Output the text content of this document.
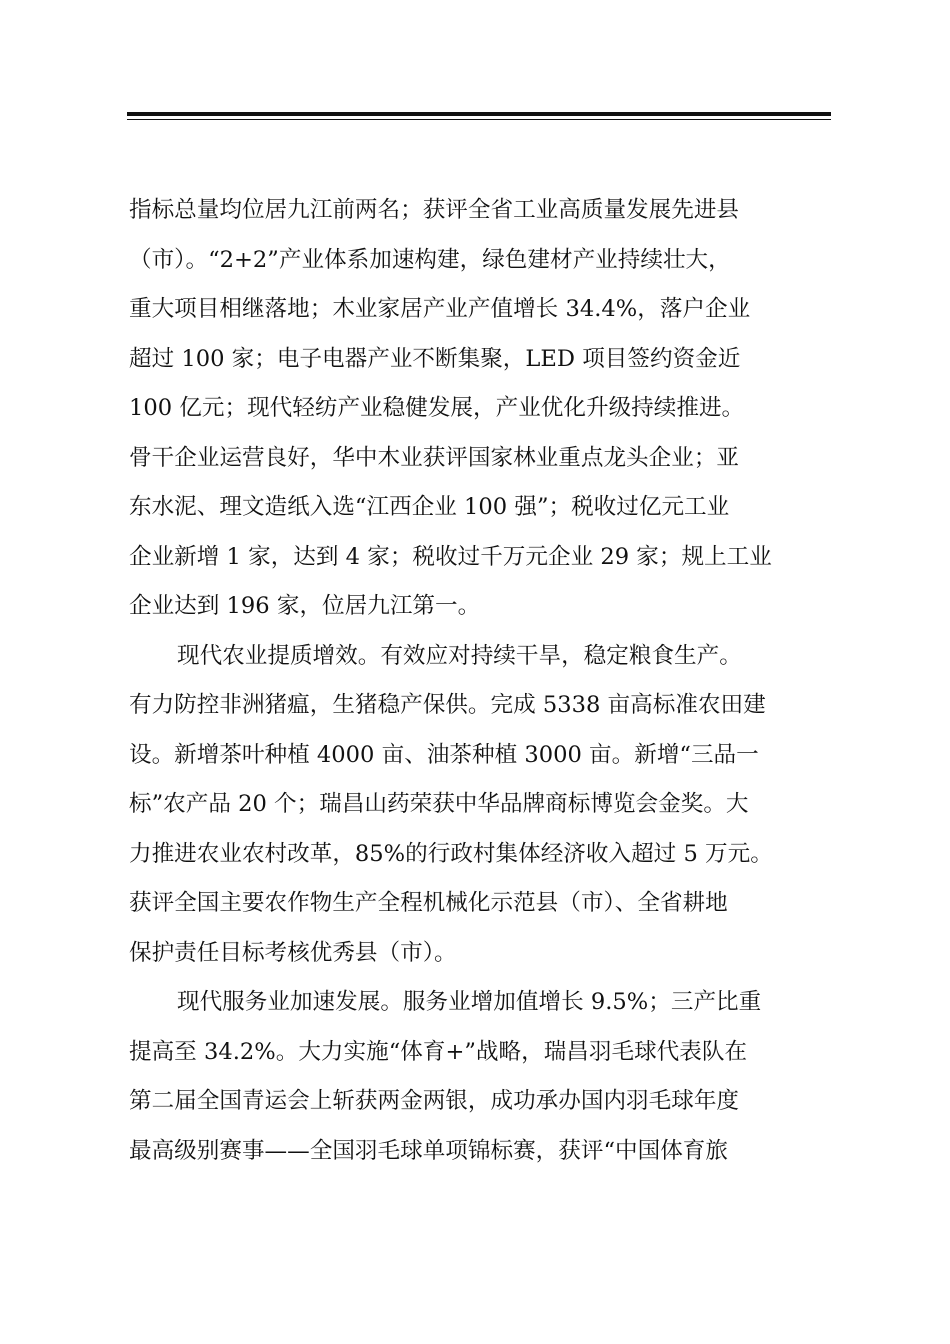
指标总量均位居九江前两名；获评全省工业高质量发展先进县
（市）。“2+2”产业体系加速构建，绿色建材产业持续壮大，
重大项目相继落地；木业家居产业产值增长 34.4%，落户企业
超过 100 家；电子电器产业不断集聚，LED 项目签约资金近
100 亿元；现代轻纺产业稳健发展，产业优化升级持续推进。
骨干企业运营良好，华中木业获评国家林业重点龙头企业；亚
东水泥、理文造纸入选“江西企业 100 强”；税收过亿元工业
企业新增 1 家，达到 4 家；税收过千万元企业 29 家；规上工业
企业达到 196 家，位居九江第一。
现代农业提质增效。有效应对持续干旱，稳定粮食生产。
有力防控非洲猪瘟，生猪稳产保供。完成 5338 亩高标准农田建
设。新增茶叶种植 4000 亩、油茶种植 3000 亩。新增“三品一
标”农产品 20 个；瑞昌山药荣获中华品牌商标博览会金奖。大
力推进农业农村改革，85%的行政村集体经济收入超过 5 万元。
获评全国主要农作物生产全程机械化示范县（市）、全省耕地
保护责任目标考核优秀县（市）。
现代服务业加速发展。服务业增加值增长 9.5%；三产比重
提高至 34.2%。大力实施“体育+”战略，瑞昌羽毛球代表队在
第二届全国青运会上斩获两金两银，成功承办国内羽毛球年度
最高级别赛事——全国羽毛球单项锦标赛，获评“中国体育旅
